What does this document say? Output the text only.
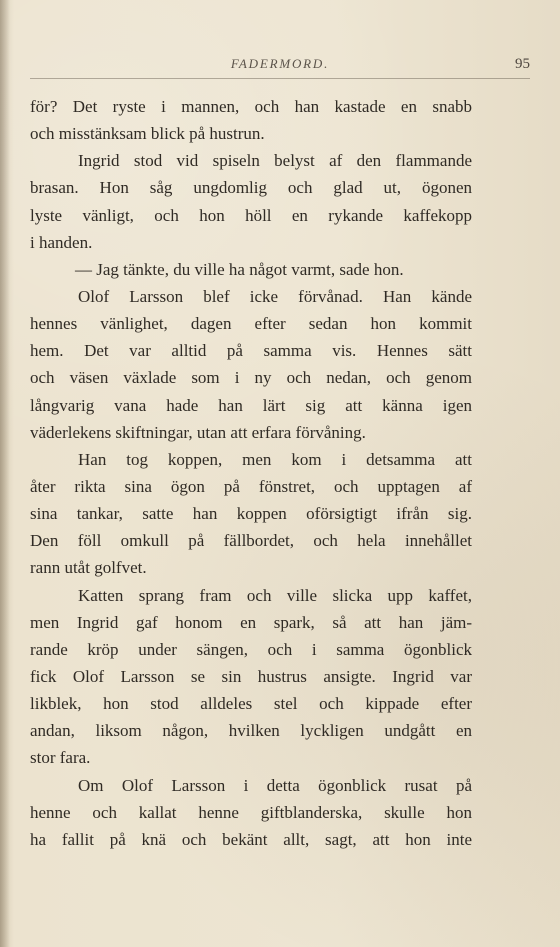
FADERMORD.	95
för? Det ryste i mannen, och han kastade en snabb
och misstänksam blick på hustrun.
Ingrid stod vid spiseln belyst af den flammande
brasan. Hon såg ungdomlig och glad ut, ögonen
lyste vänligt, och hon höll en rykande kaffekopp
i handen.
— Jag tänkte, du ville ha något varmt, sade hon.
Olof Larsson blef icke förvånad. Han kände
hennes vänlighet, dagen efter sedan hon kommit
hem. Det var alltid på samma vis. Hennes sätt
och väsen växlade som i ny och nedan, och genom
långvarig vana hade han lärt sig att känna igen
väderlekens skiftningar, utan att erfara förvåning.
Han tog koppen, men kom i detsamma att
åter rikta sina ögon på fönstret, och upptagen af
sina tankar, satte han koppen oförsigtigt ifrån sig.
Den föll omkull på fällbordet, och hela innehållet
rann utåt golfvet.
Katten sprang fram och ville slicka upp kaffet,
men Ingrid gaf honom en spark, så att han jäm-
rande kröp under sängen, och i samma ögonblick
fick Olof Larsson se sin hustrus ansigte. Ingrid var
likblek, hon stod alldeles stel och kippade efter
andan, liksom någon, hvilken lyckligen undgått en
stor fara.
Om Olof Larsson i detta ögonblick rusat på
henne och kallat henne giftblanderska, skulle hon
ha fallit på knä och bekänt allt, sagt, att hon inte
